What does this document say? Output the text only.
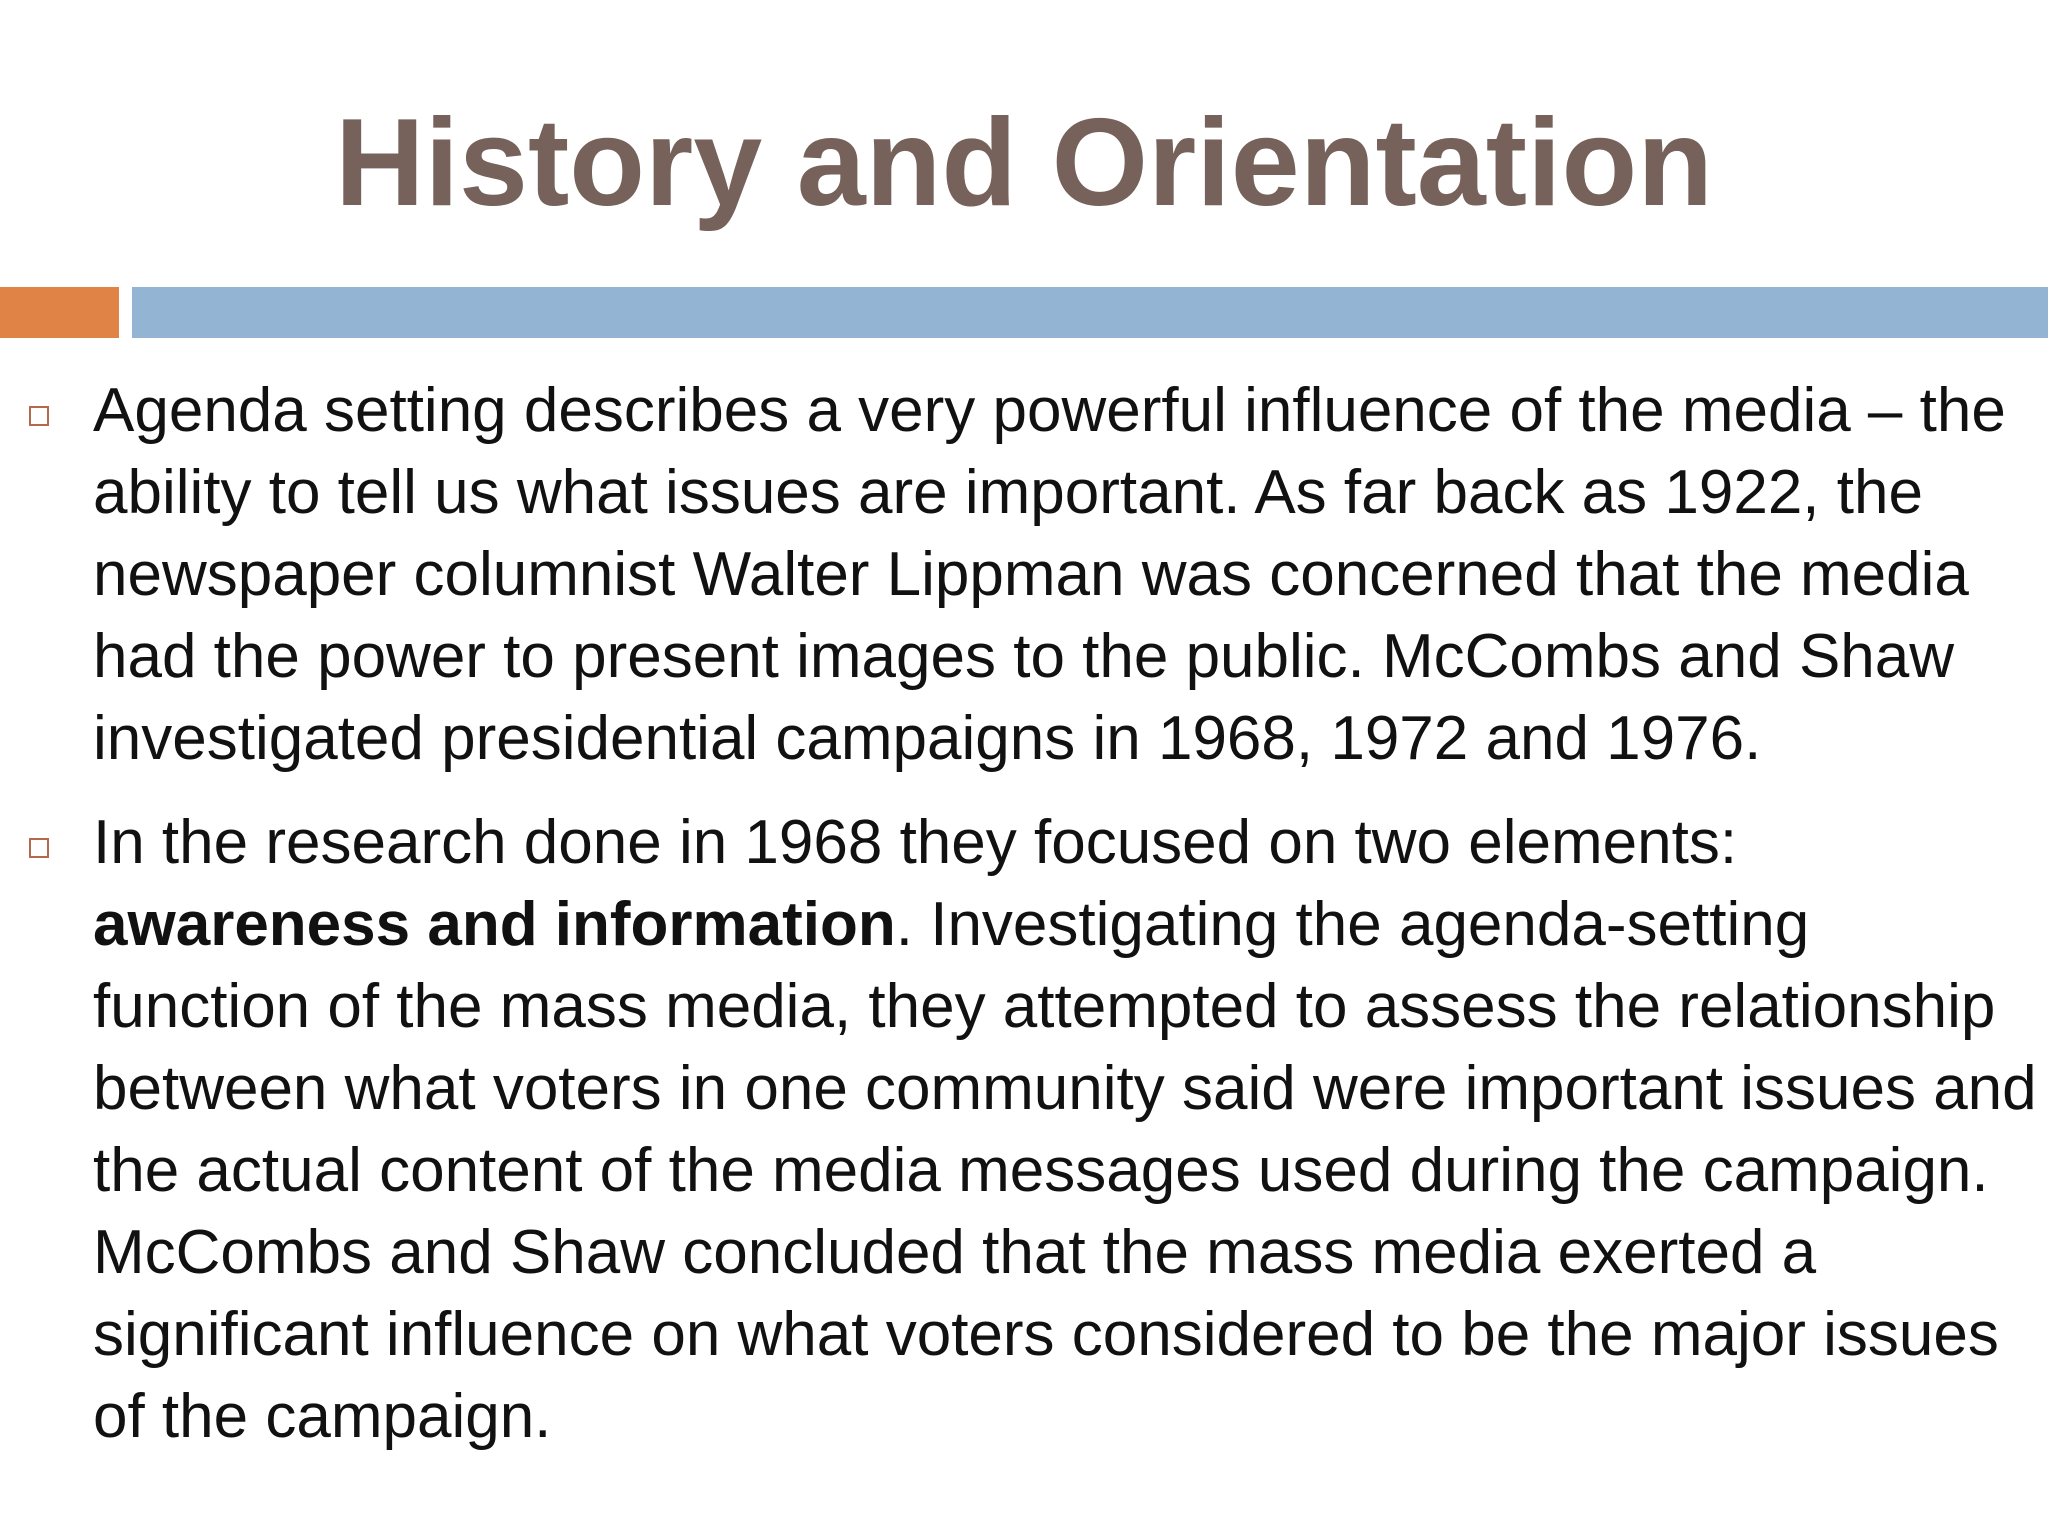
History and Orientation
Agenda setting describes a very powerful influence of the media – the ability to tell us what issues are important. As far back as 1922, the newspaper columnist Walter Lippman was concerned that the media had the power to present images to the public. McCombs and Shaw investigated presidential campaigns in 1968, 1972 and 1976.
In the research done in 1968 they focused on two elements: awareness and information. Investigating the agenda-setting function of the mass media, they attempted to assess the relationship between what voters in one community said were important issues and the actual content of the media messages used during the campaign. McCombs and Shaw concluded that the mass media exerted a significant influence on what voters considered to be the major issues of the campaign.
